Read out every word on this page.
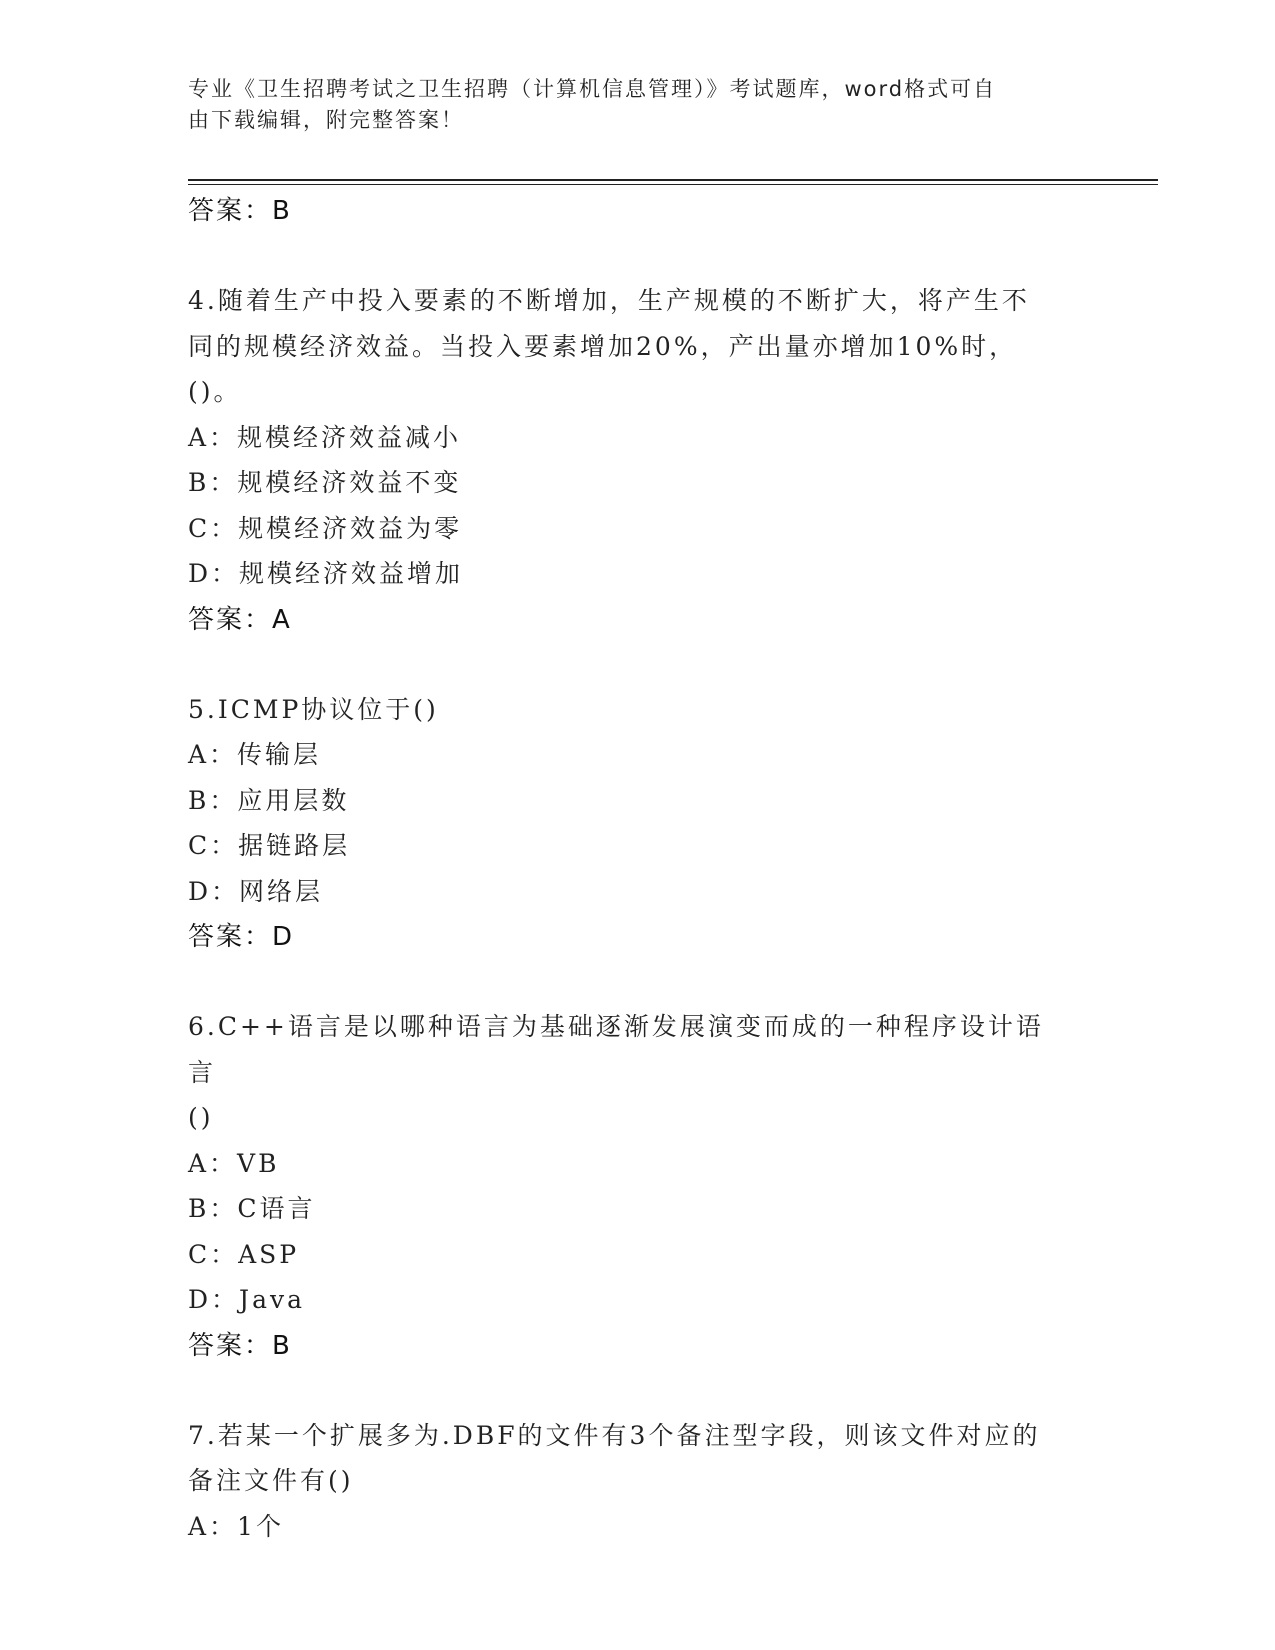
专业《卫生招聘考试之卫生招聘（计算机信息管理）》考试题库，word格式可自
由下载编辑，附完整答案！
答案：B
4.随着生产中投入要素的不断增加，生产规模的不断扩大，将产生不
同的规模经济效益。当投入要素增加20%，产出量亦增加10%时，()。
A：规模经济效益减小
B：规模经济效益不变
C：规模经济效益为零
D：规模经济效益增加
答案：A
5.ICMP协议位于()
A：传输层
B：应用层数
C：据链路层
D：网络层
答案：D
6.C++语言是以哪种语言为基础逐渐发展演变而成的一种程序设计语言
()
A：VB
B：C语言
C：ASP
D：Java
答案：B
7.若某一个扩展多为.DBF的文件有3个备注型字段，则该文件对应的
备注文件有()
A：1个
